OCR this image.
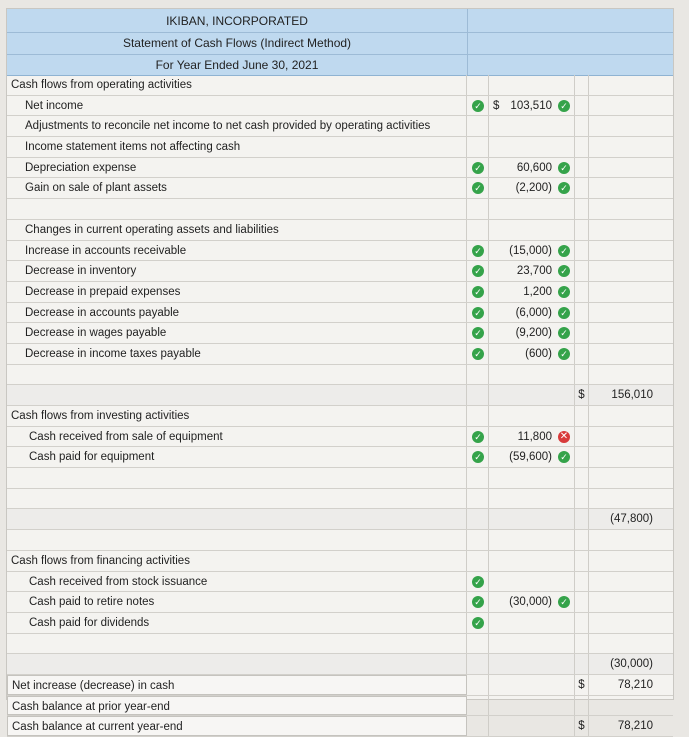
IKIBAN, INCORPORATED
Statement of Cash Flows (Indirect Method)
For Year Ended June 30, 2021
Cash flows from operating activities
Net income	✓ $ 103,510 ✓
Adjustments to reconcile net income to net cash provided by operating activities
Income statement items not affecting cash
Depreciation expense	✓	60,600 ✓
Gain on sale of plant assets	✓	(2,200) ✓
Changes in current operating assets and liabilities
Increase in accounts receivable	✓	(15,000) ✓
Decrease in inventory	✓	23,700 ✓
Decrease in prepaid expenses	✓	1,200 ✓
Decrease in accounts payable	✓	(6,000) ✓
Decrease in wages payable	✓	(9,200) ✓
Decrease in income taxes payable	✓	(600) ✓
$	156,010
Cash flows from investing activities
Cash received from sale of equipment	✓	11,800 ✕
Cash paid for equipment	✓	(59,600) ✓
(47,800)
Cash flows from financing activities
Cash received from stock issuance	✓
Cash paid to retire notes	✓	(30,000) ✓
Cash paid for dividends	✓
(30,000)
Net increase (decrease) in cash	$	78,210
Cash balance at prior year-end
Cash balance at current year-end	$	78,210
